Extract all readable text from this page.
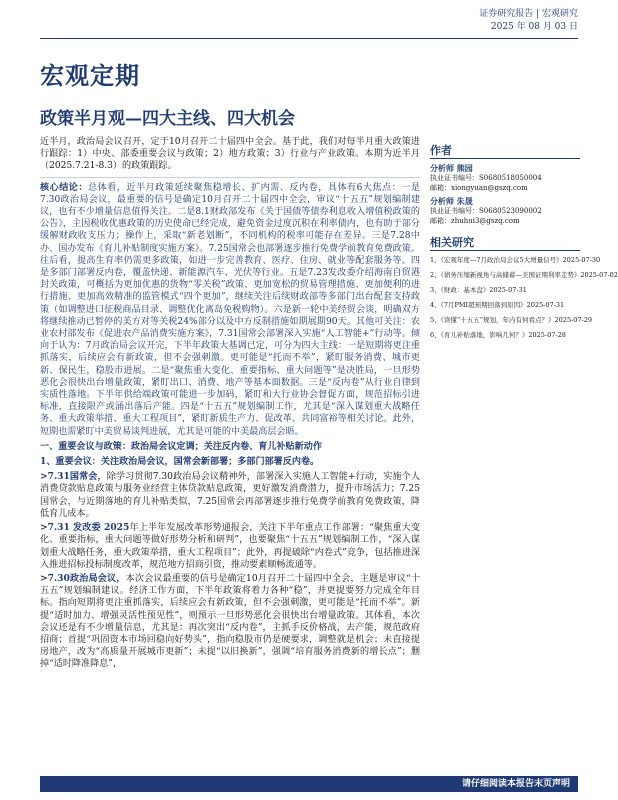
证券研究报告 | 宏观研究
2025 年 08 月 03 日
宏观定期
政策半月观—四大主线、四大机会

近半月，政治局会议召开，定于10月召开二十届四中全会。基于此，我们对每半月重大政策进行跟踪：1）中央、部委重要会议与政策；2）地方政策；3）行业与产业政策。本期为近半月（2025.7.21-8.3）的政策跟踪。

核心结论：总体看，近半月政策延续聚焦稳增长、扩内需、反内卷，具体有6大焦点：一是7.30政治局会议，最重要的信号是确定10月召开二十届四中全会，审议“十五五”规划编制建议，也有不少增量信息值得关注。二是8.1财政部发布《关于国债等债券利息收入增值税政策的公告》，主因税收优惠政策的历史使命已经完成，避免资金过度沉积在利率债内，也有助于部分缓解财政收支压力；操作上，采取“新老划断”，不同机构的税率可能存在差异。三是7.28中办、国办发布《育儿补贴制度实施方案》。7.25国常会也部署逐步推行免费学前教育免费政策。往后看，提高生育率仍需更多政策，如进一步完善教育、医疗、住房、就业等配套服务等。四是多部门部署反内卷，覆盖快递、新能源汽车、光伏等行业。五是7.23发改委介绍海南自贸港封关政策，可概括为更加优惠的货物“零关税”政策、更加宽松的贸易管理措施、更加便利的进行措施、更加高效精准的监管模式“四个更加”，继续关注后续财政部等多部门出台配套支持政策（如调整进口征税商品目录、调整优化离岛免税购物）。六是新一轮中美经贸会谈，明确双方将继续推动已暂停的美方对等关税24%部分以及中方反制措施如期展期90天。其他可关注：农业农村部发布《促进农产品消费实施方案》，7.31国常会部署深入实施“人工智能+”行动等。倾向于认为：7月政治局会议开完，下半年政策大基调已定，可分为四大主线：一是短期将更注重抓落实，后续应会有新政策，但不会强刺激。更可能是“托而不举”，紧盯服务消费、城市更新、保民生，稳股市进展。二是“聚焦重大变化、重要指标、重大问题等”是决胜局，一旦形势恶化会很快出台增量政策，紧盯出口、消费、地产等基本面数据。三是“反内卷”从行业自律到实质性落地。下半年供给端政策可能进一步加码，紧盯和大行业协会督促方面，规范招标引进标准，直接限产或涌出落后产能。四是“十五五”规划编制工作，尤其是“深入谋划重大战略任务、重大政策举措、重大工程项目”，紧盯新质生产力、促改革、共同富裕等相关讨论。此外，短期也需紧盯中美贸易谈判进展，尤其是可能的中美最高层会晤。

一、重要会议与政策：政治局会议定调；关注反内卷、育儿补贴新动作

1、重要会议：关注政治局会议，国常会新部署；多部门部署反内卷。

>7.31国常会，除学习贯彻7.30政治局会议精神外，部署深入实施人工智能+行动，实施个人消费贷款贴息政策与服务业经营主体贷款贴息政策，更好激发消费潜力，提升市场活力；7.25国常会，与近期落地的育儿补贴类似，7.25国常会再部署逐步推行免费学前教育免费政策，降低育儿成本。

>7.31 发改委 2025年上半年发展改革形势通报会，关注下半年重点工作部署：“聚焦重大变化、重要指标，重大问题等做好形势分析和研判”，也要聚焦“十五五”规划编制工作，“深入谋划重大战略任务，重大政策举措，重大工程项目”；此外，再提破除“内卷式”竞争，包括推进深入推进招标投标制度改革，规范地方招商引资，推动要素顺畅流通等。

>7.30政治局会议，本次会议最重要的信号是确定10月召开二十届四中全会，主题是审议“十五五”规划编制建议。经济工作方面，下半年政策将着力各种“稳”，并更提要努力完成全年目标。指向短期将更注重抓落实，后续应会有新政策，但不会强刺激，更可能是“托而不举”。新提“适时加力、增强灵活性预见性”，则预示一旦形势恶化会很快出台增量政策。其体看，本次会议还是有不少增量信息，尤其是：再次突出“反内卷”，主抓手反价格战，去产能，规范政府招商；首提“巩固资本市场回稳向好势头”，指向稳股市仍是硬要求，调整就是机会；未直接提房地产，改为“高质量开展城市更新”；未提“以旧换新”，强调“培育服务消费新的增长点”；删掉“适时降准降息”，

作者

分析师 熊园

执业证书编号：S0680518050004

邮箱：xiongyuan@gszq.com

分析师 朱晟

执业证书编号：S0680523090002

邮箱：zhuhui3@gszq.com

相关研究
1、《宏观年度—7月政治局会议5大增量信号》2025-07-30
2、《债务压缩新视角与高储蓄—美国证期利率走势》2025-07-02
3、《财政：基本盘》2025-07-31
4、《7月PMI超预期回落到原因》2025-07-31
5、《读懂“十五五”规划，年内有何看点？》2025-07-29
6、《育儿补贴落地，影响几何？》2025-07-28
请仔细阅读本报告末页声明
